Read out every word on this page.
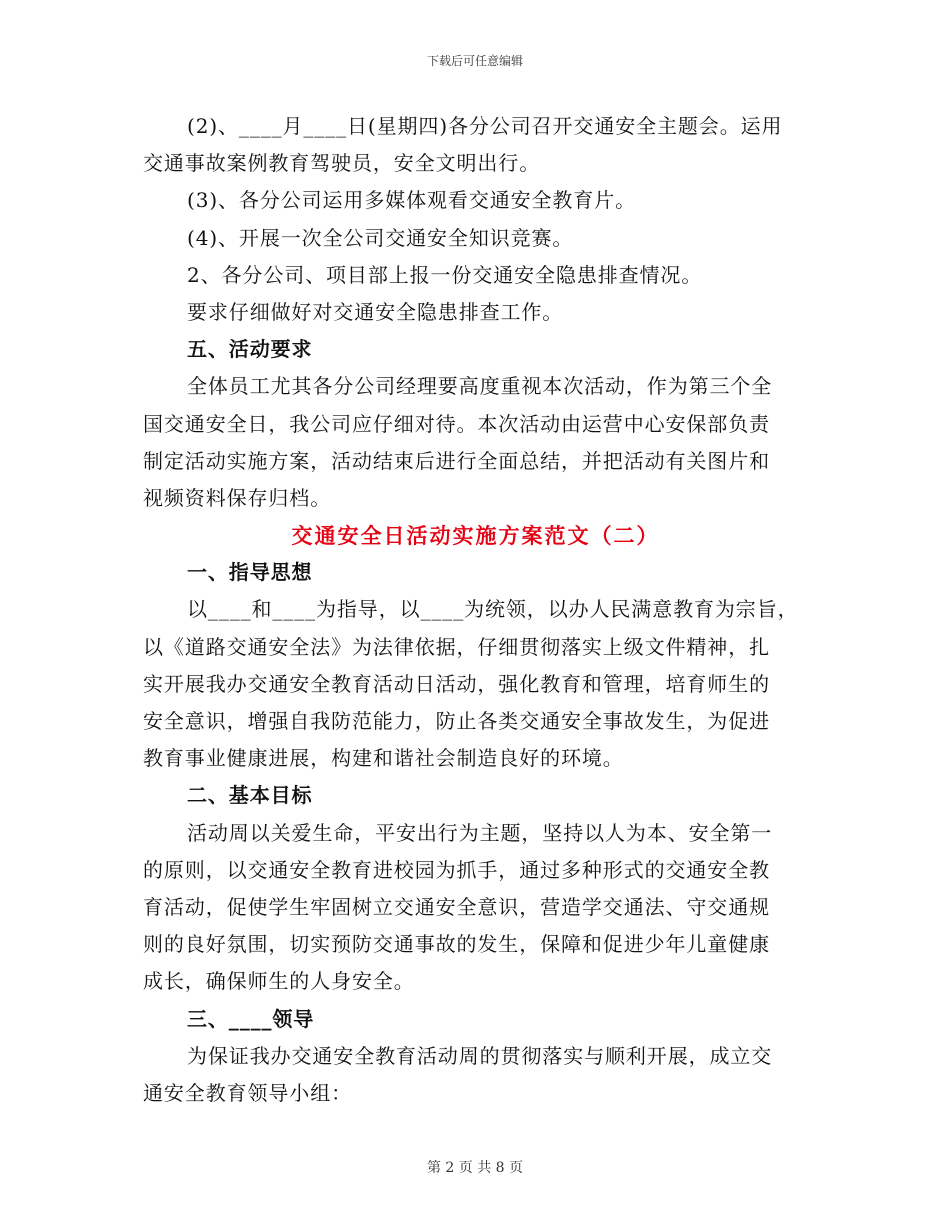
下载后可任意编辑
(2)、____月____日(星期四)各分公司召开交通安全主题会。运用
交通事故案例教育驾驶员，安全文明出行。
(3)、各分公司运用多媒体观看交通安全教育片。
(4)、开展一次全公司交通安全知识竞赛。
2、各分公司、项目部上报一份交通安全隐患排查情况。
要求仔细做好对交通安全隐患排查工作。
五、活动要求
全体员工尤其各分公司经理要高度重视本次活动，作为第三个全
国交通安全日，我公司应仔细对待。本次活动由运营中心安保部负责
制定活动实施方案，活动结束后进行全面总结，并把活动有关图片和
视频资料保存归档。
交通安全日活动实施方案范文（二）
一、指导思想
以____和____为指导，以____为统领，以办人民满意教育为宗旨，
以《道路交通安全法》为法律依据，仔细贯彻落实上级文件精神，扎
实开展我办交通安全教育活动日活动，强化教育和管理，培育师生的
安全意识，增强自我防范能力，防止各类交通安全事故发生，为促进
教育事业健康进展，构建和谐社会制造良好的环境。
二、基本目标
活动周以关爱生命，平安出行为主题，坚持以人为本、安全第一
的原则，以交通安全教育进校园为抓手，通过多种形式的交通安全教
育活动，促使学生牢固树立交通安全意识，营造学交通法、守交通规
则的良好氛围，切实预防交通事故的发生，保障和促进少年儿童健康
成长，确保师生的人身安全。
三、____领导
为保证我办交通安全教育活动周的贯彻落实与顺利开展，成立交
通安全教育领导小组：
第 2 页 共 8 页
